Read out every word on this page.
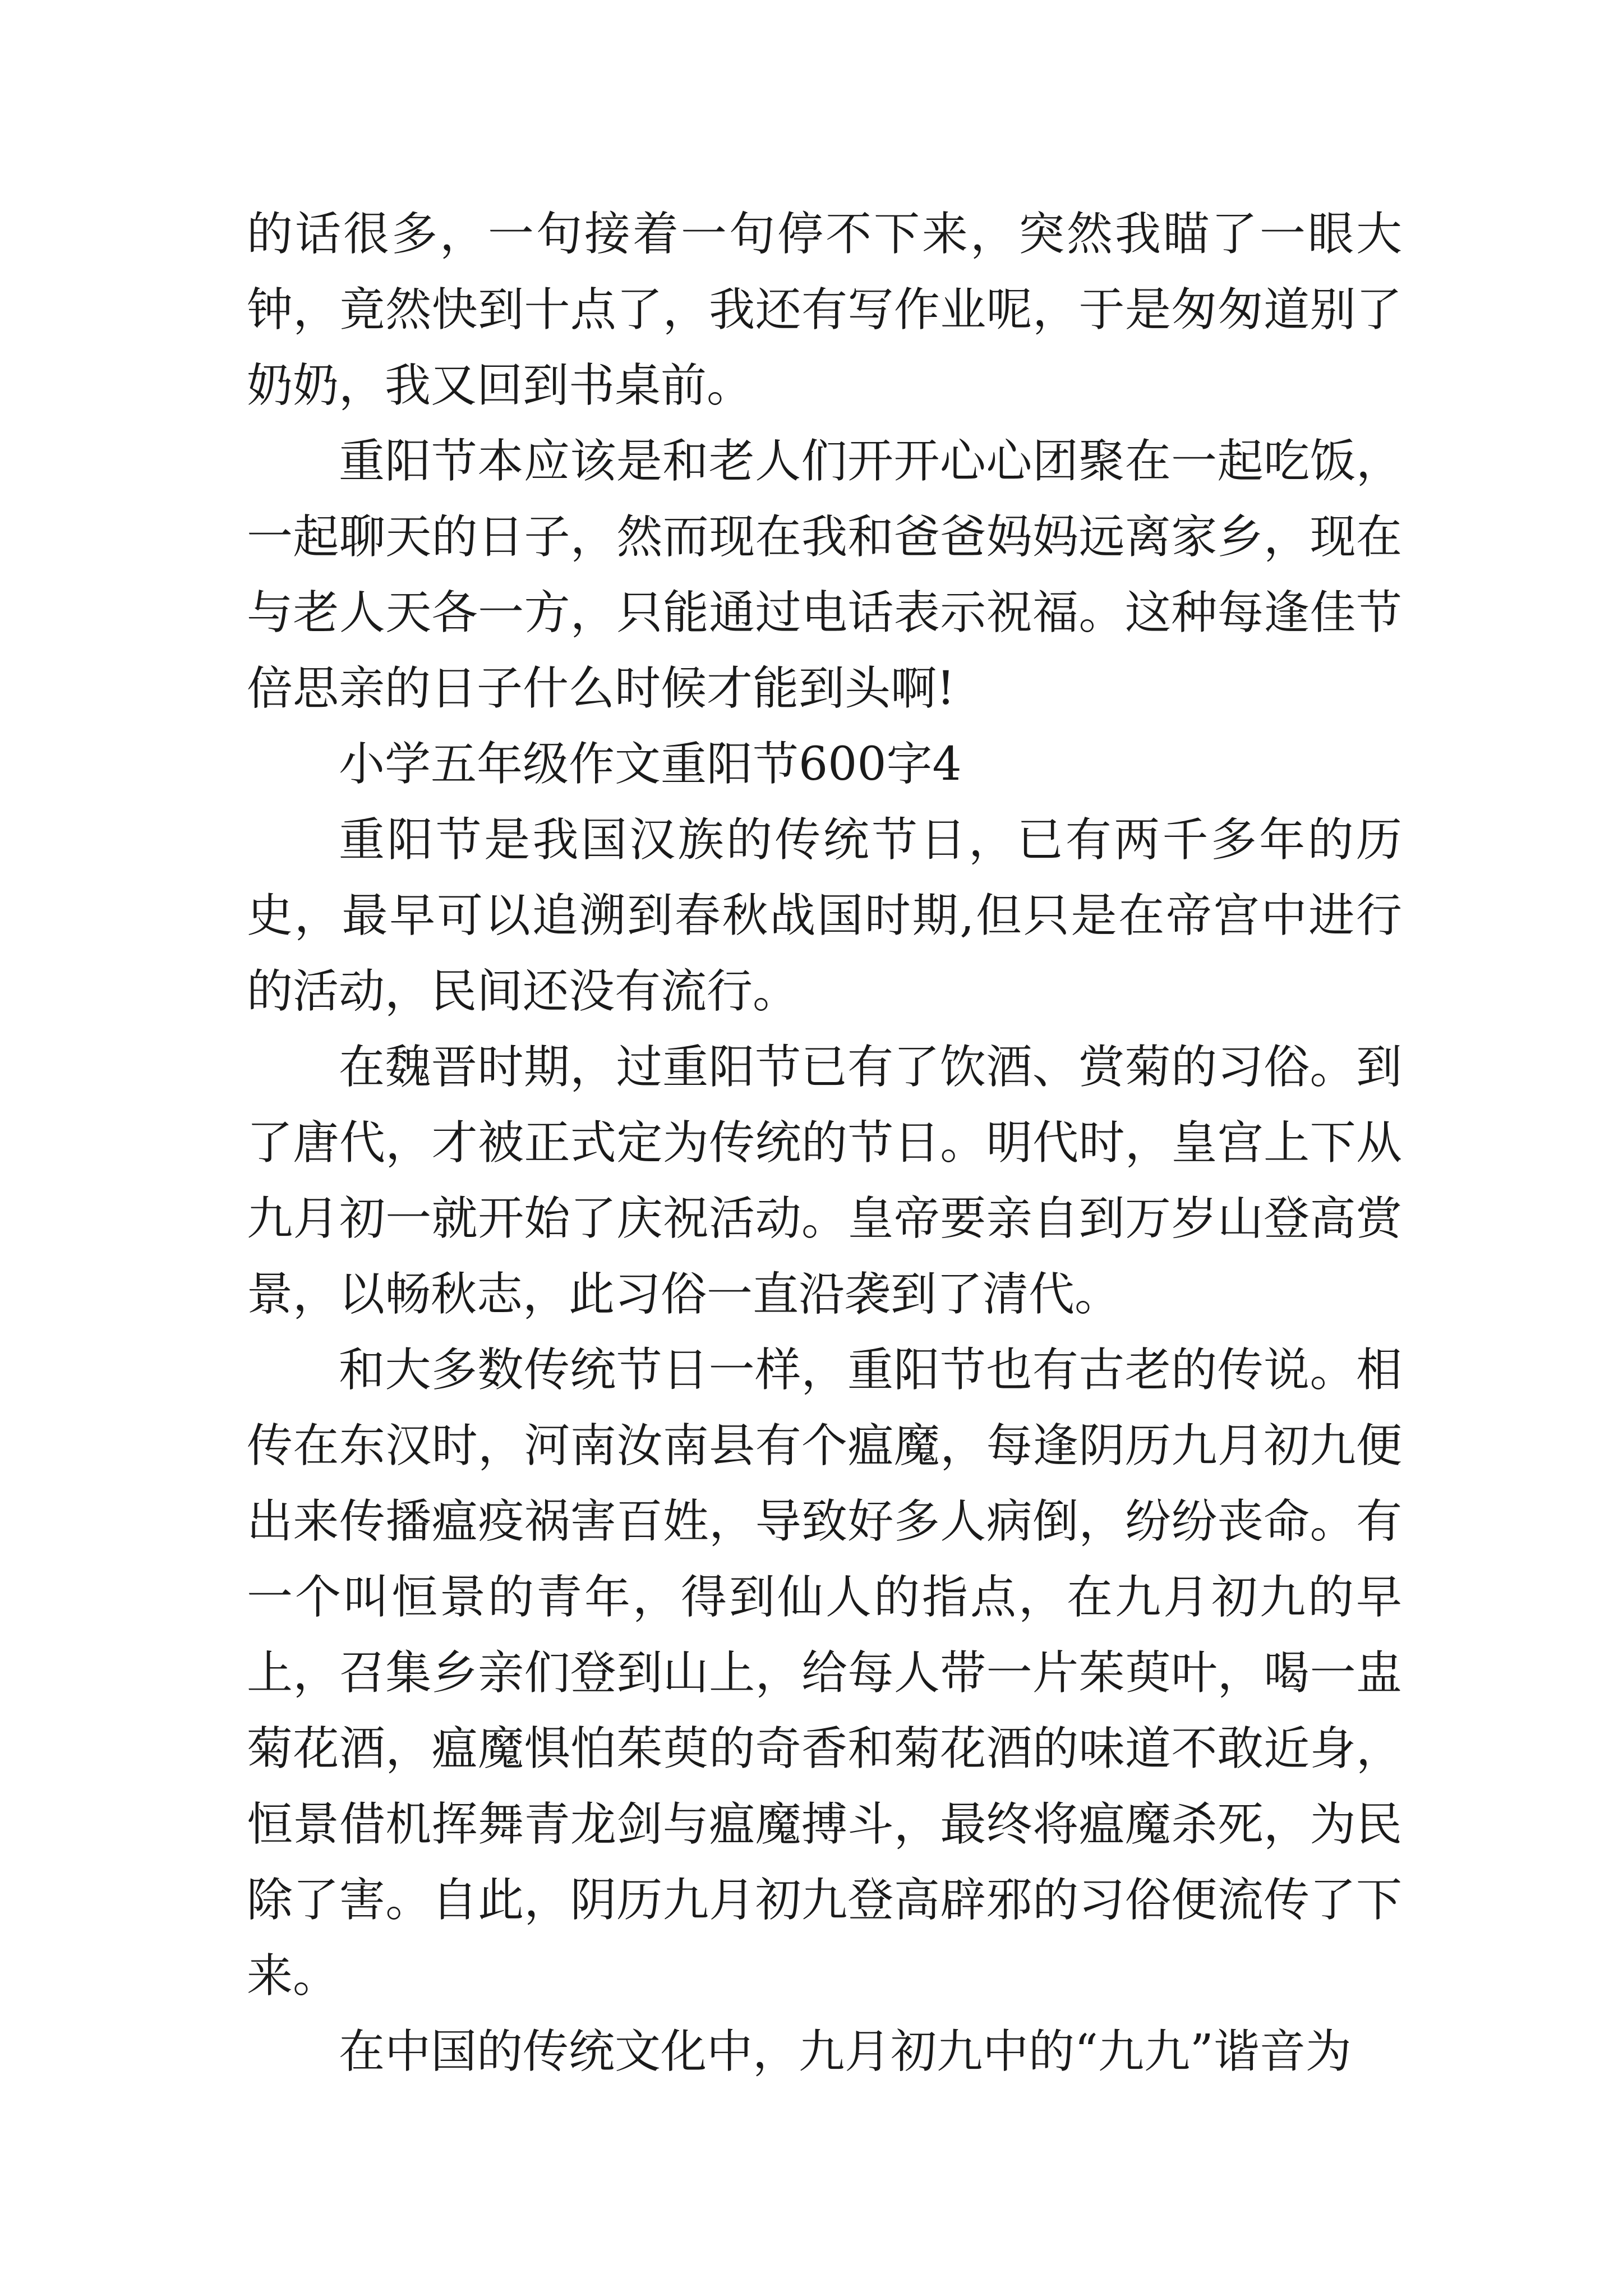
的话很多，一句接着一句停不下来，突然我瞄了一眼大钟，竟然快到十点了，我还有写作业呢，于是匆匆道别了奶奶，我又回到书桌前。

重阳节本应该是和老人们开开心心团聚在一起吃饭，一起聊天的日子，然而现在我和爸爸妈妈远离家乡，现在与老人天各一方，只能通过电话表示祝福。这种每逢佳节倍思亲的日子什么时候才能到头啊!

小学五年级作文重阳节600字4

重阳节是我国汉族的传统节日，已有两千多年的历史，最早可以追溯到春秋战国时期,但只是在帝宫中进行的活动，民间还没有流行。

在魏晋时期，过重阳节已有了饮酒、赏菊的习俗。到了唐代，才被正式定为传统的节日。明代时，皇宫上下从九月初一就开始了庆祝活动。皇帝要亲自到万岁山登高赏景，以畅秋志，此习俗一直沿袭到了清代。

和大多数传统节日一样，重阳节也有古老的传说。相传在东汉时，河南汝南县有个瘟魔，每逢阴历九月初九便出来传播瘟疫祸害百姓，导致好多人病倒，纷纷丧命。有一个叫恒景的青年，得到仙人的指点，在九月初九的早上，召集乡亲们登到山上，给每人带一片茱萸叶，喝一盅菊花酒，瘟魔惧怕茱萸的奇香和菊花酒的味道不敢近身，恒景借机挥舞青龙剑与瘟魔搏斗，最终将瘟魔杀死，为民除了害。自此，阴历九月初九登高辟邪的习俗便流传了下来。

在中国的传统文化中，九月初九中的“九九”谐音为
